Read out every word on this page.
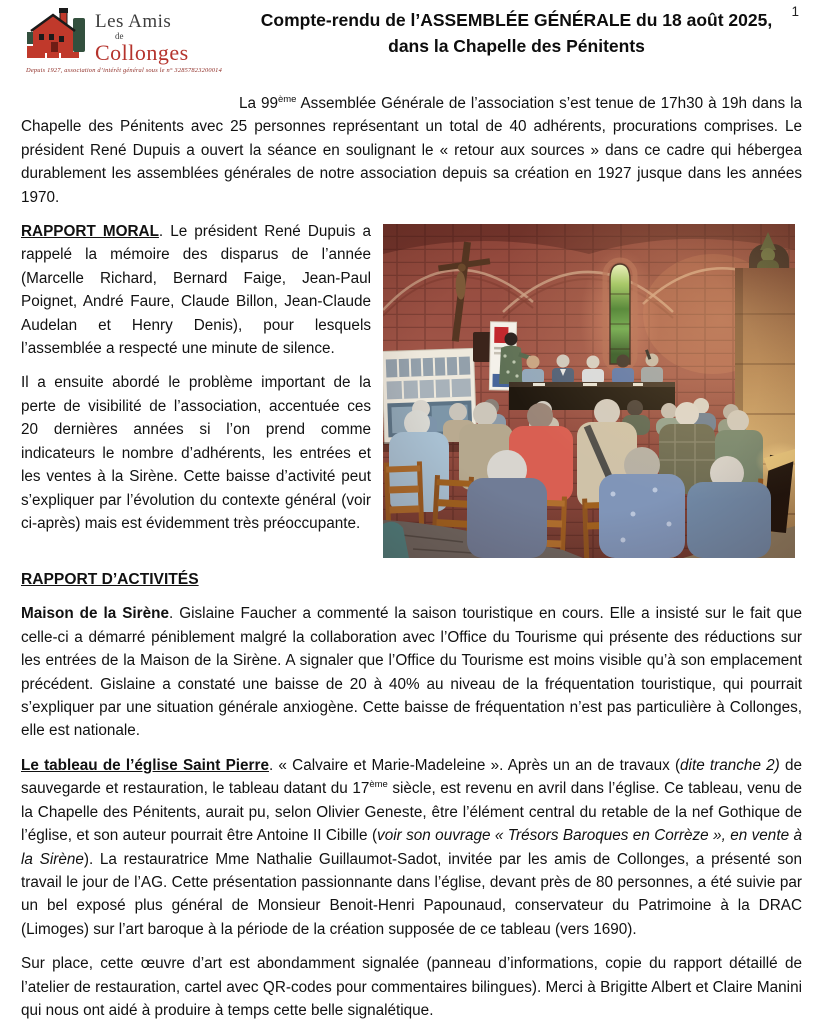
1
Les Amis
de
Collonges
Depuis 1927, association d’intérêt général sous le n° 32857823200014
Compte-rendu de l’ASSEMBLÉE GÉNÉRALE du 18 août 2025,
dans la Chapelle des Pénitents

La 99ème Assemblée Générale de l’association s’est tenue de 17h30 à 19h dans la Chapelle des Pénitents avec 25 personnes représentant un total de 40 adhérents, procurations comprises. Le président René Dupuis a ouvert la séance en soulignant le « retour aux sources » dans ce cadre qui hébergea durablement les assemblées générales de notre association depuis sa création en 1927 jusque dans les années 1970.

RAPPORT MORAL. Le président René Dupuis a rappelé la mémoire des disparus de l’année (Marcelle Richard, Bernard Faige, Jean-Paul Poignet, André Faure, Claude Billon, Jean-Claude Audelan et Henry Denis), pour lesquels l’assemblée a respecté une minute de silence.

Il a ensuite abordé le problème important de la perte de visibilité de l’association, accentuée ces 20 dernières années si l’on prend comme indicateurs le nombre d’adhérents, les entrées et les ventes à la Sirène. Cette baisse d’activité peut s’expliquer par l’évolution du contexte général (voir ci-après) mais est évidemment très préoccupante.

RAPPORT D’ACTIVITÉS

Maison de la Sirène. Gislaine Faucher a commenté la saison touristique en cours. Elle a insisté sur le fait que celle-ci a démarré péniblement malgré la collaboration avec l’Office du Tourisme qui présente des réductions sur les entrées de la Maison de la Sirène. A signaler que l’Office du Tourisme est moins visible qu’à son emplacement précédent. Gislaine a constaté une baisse de 20 à 40% au niveau de la fréquentation touristique, qui pourrait s’expliquer par une situation générale anxiogène. Cette baisse de fréquentation n’est pas particulière à Collonges, elle est nationale.

Le tableau de l’église Saint Pierre. « Calvaire et Marie-Madeleine ». Après un an de travaux (dite tranche 2) de sauvegarde et restauration, le tableau datant du 17ème siècle, est revenu en avril dans l’église. Ce tableau, venu de la Chapelle des Pénitents, aurait pu, selon Olivier Geneste, être l’élément central du retable de la nef Gothique de l’église, et son auteur pourrait être Antoine II Cibille (voir son ouvrage « Trésors Baroques en Corrèze », en vente à la Sirène). La restauratrice Mme Nathalie Guillaumot-Sadot, invitée par les amis de Collonges, a présenté son travail le jour de l’AG. Cette présentation passionnante dans l’église, devant près de 80 personnes, a été suivie par un bel exposé plus général de Monsieur Benoit-Henri Papounaud, conservateur du Patrimoine à la DRAC (Limoges) sur l’art baroque à la période de la création supposée de ce tableau (vers 1690).

Sur place, cette œuvre d’art est abondamment signalée (panneau d’informations, copie du rapport détaillé de l’atelier de restauration, cartel avec QR-codes pour commentaires bilingues). Merci à Brigitte Albert et Claire Manini qui nous ont aidé à produire à temps cette belle signalétique.
